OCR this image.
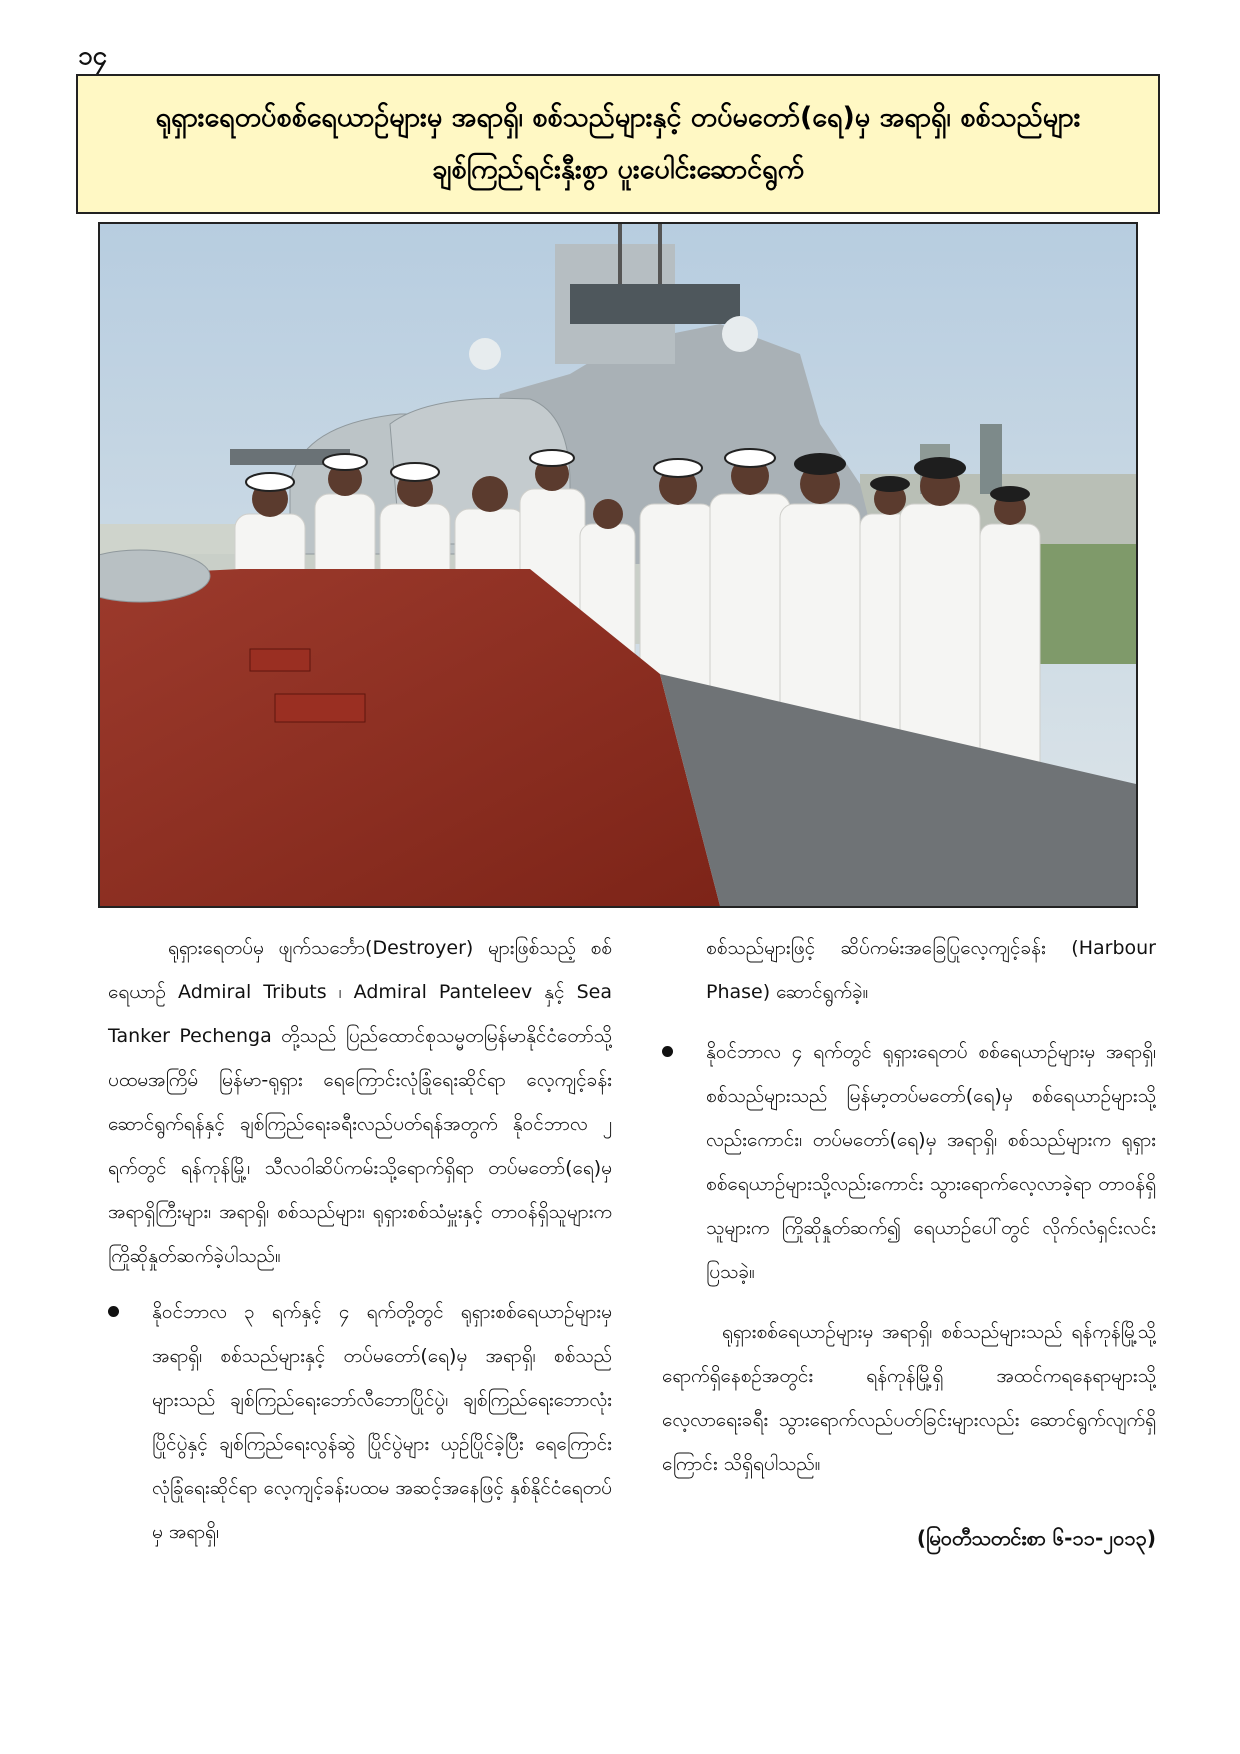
၁၄
ရုရှားရေတပ်စစ်ရေယာဉ်များမှ အရာရှိ၊ စစ်သည်များနှင့် တပ်မတော်(ရေ)မှ အရာရှိ၊ စစ်သည်များ ချစ်ကြည်ရင်းနှီးစွာ ပူးပေါင်းဆောင်ရွက်

ရုရှားရေတပ်မှ ဖျက်သင်္ဘော(Destroyer) များဖြစ်သည့် စစ်ရေယာဉ် Admiral Tributs ၊ Admiral Panteleev နှင့် Sea Tanker Pechenga တို့သည် ပြည်ထောင်စုသမ္မတမြန်မာနိုင်ငံတော်သို့ ပထမအကြိမ် မြန်မာ-ရုရှား ရေကြောင်းလုံခြုံရေးဆိုင်ရာ လေ့ကျင့်ခန်းဆောင်ရွက်ရန်နှင့် ချစ်ကြည်ရေးခရီးလည်ပတ်ရန်အတွက် နိုဝင်ဘာလ ၂ ရက်တွင် ရန်ကုန်မြို့၊ သီလဝါဆိပ်ကမ်းသို့ရောက်ရှိရာ တပ်မတော်(ရေ)မှ အရာရှိကြီးများ၊ အရာရှိ၊ စစ်သည်များ၊ ရုရှားစစ်သံမှူးနှင့် တာဝန်ရှိသူများက ကြိုဆိုနှုတ်ဆက်ခဲ့ပါသည်။

နိုဝင်ဘာလ ၃ ရက်နှင့် ၄ ရက်တို့တွင် ရုရှားစစ်ရေယာဉ်များမှ အရာရှိ၊ စစ်သည်များနှင့် တပ်မတော်(ရေ)မှ အရာရှိ၊ စစ်သည်များသည် ချစ်ကြည်ရေးဘော်လီဘောပြိုင်ပွဲ၊ ချစ်ကြည်ရေးဘောလုံးပြိုင်ပွဲနှင့် ချစ်ကြည်ရေးလွန်ဆွဲ ပြိုင်ပွဲများ ယှဉ်ပြိုင်ခဲ့ပြီး ရေကြောင်းလုံခြုံရေးဆိုင်ရာ လေ့ကျင့်ခန်းပထမ အဆင့်အနေဖြင့် နှစ်နိုင်ငံရေတပ်မှ အရာရှိ၊

စစ်သည်များဖြင့် ဆိပ်ကမ်းအခြေပြုလေ့ကျင့်ခန်း (Harbour Phase) ဆောင်ရွက်ခဲ့။

နိုဝင်ဘာလ ၄ ရက်တွင် ရုရှားရေတပ် စစ်ရေယာဉ်များမှ အရာရှိ၊ စစ်သည်များသည် မြန်မာ့တပ်မတော်(ရေ)မှ စစ်ရေယာဉ်များသို့လည်းကောင်း၊ တပ်မတော်(ရေ)မှ အရာရှိ၊ စစ်သည်များက ရုရှားစစ်ရေယာဉ်များသို့လည်းကောင်း သွားရောက်လေ့လာခဲ့ရာ တာဝန်ရှိသူများက ကြိုဆိုနှုတ်ဆက်၍ ရေယာဉ်ပေါ်တွင် လိုက်လံရှင်းလင်းပြသခဲ့။

ရုရှားစစ်ရေယာဉ်များမှ အရာရှိ၊ စစ်သည်များသည် ရန်ကုန်မြို့သို့ ရောက်ရှိနေစဉ်အတွင်း ရန်ကုန်မြို့ရှိ အထင်ကရနေရာများသို့ လေ့လာရေးခရီး သွားရောက်လည်ပတ်ခြင်းများလည်း ဆောင်ရွက်လျက်ရှိကြောင်း သိရှိရပါသည်။

(မြဝတီသတင်းစာ ၆-၁၁-၂၀၁၃)
